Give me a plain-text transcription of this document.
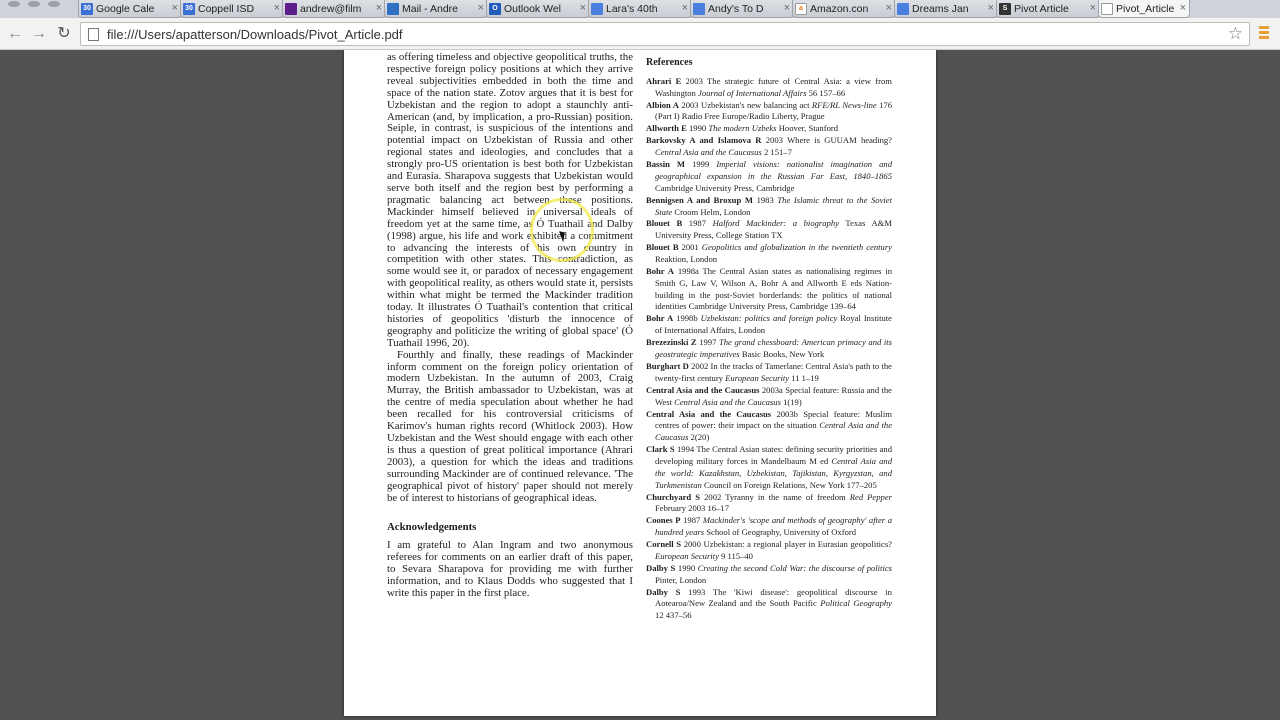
30 Google Cale × 30 Coppell ISD × andrew@film × Mail - Andre ×	O Outlook Wel × Lara's 40th × Andy's To D ×	a Amazon.con × Dreams Jan ×	S Pivot Article × Pivot_Article ×
← → ↻	file:///Users/apatterson/Downloads/Pivot_Article.pdf	☆

as offering timeless and objective geopolitical truths, the respective foreign policy positions at which they arrive reveal subjectivities embedded in both the time and space of the nation state. Zotov argues that it is best for Uzbekistan and the region to adopt a staunchly anti-American (and, by implication, a pro-Russian) position. Seiple, in contrast, is suspicious of the intentions and potential impact on Uzbekistan of Russia and other regional states and ideologies, and concludes that a strongly pro-US orientation is best both for Uzbekistan and Eurasia. Sharapova suggests that Uzbekistan would serve both itself and the region best by performing a pragmatic balancing act between these positions. Mackinder himself believed in universal ideals of freedom yet at the same time, as Ó Tuathail and Dalby (1998) argue, his life and work exhibited a commitment to advancing the interests of his own country in competition with other states. This contradiction, as some would see it, or paradox of necessary engagement with geopolitical reality, as others would state it, persists within what might be termed the Mackinder tradition today. It illustrates Ó Tuathail's contention that critical histories of geopolitics 'disturb the innocence of geography and politicize the writing of global space' (Ó Tuathail 1996, 20).

Fourthly and finally, these readings of Mackinder inform comment on the foreign policy orientation of modern Uzbekistan. In the autumn of 2003, Craig Murray, the British ambassador to Uzbekistan, was at the centre of media speculation about whether he had been recalled for his controversial criticisms of Karimov's human rights record (Whitlock 2003). How Uzbekistan and the West should engage with each other is thus a question of great political importance (Ahrari 2003), a question for which the ideas and traditions surrounding Mackinder are of continued relevance. 'The geographical pivot of history' paper should not merely be of interest to historians of geographical ideas.

Acknowledgements

I am grateful to Alan Ingram and two anonymous referees for comments on an earlier draft of this paper, to Sevara Sharapova for providing me with further information, and to Klaus Dodds who suggested that I write this paper in the first place.

References
Ahrari E 2003 The strategic future of Central Asia: a view from Washington Journal of International Affairs 56 157–66
Albion A 2003 Uzbekistan's new balancing act RFE/RL News-line 176 (Part I) Radio Free Europe/Radio Liberty, Prague
Allworth E 1990 The modern Uzbeks Hoover, Stanford
Barkovsky A and Islamova R 2003 Where is GUUAM heading? Central Asia and the Caucasus 2 151–7
Bassin M 1999 Imperial visions: nationalist imagination and geographical expansion in the Russian Far East, 1840–1865 Cambridge University Press, Cambridge
Bennigsen A and Broxup M 1983 The Islamic threat to the Soviet State Croom Helm, London
Blouet B 1987 Halford Mackinder: a biography Texas A&M University Press, College Station TX
Blouet B 2001 Geopolitics and globalization in the twentieth century Reaktion, London
Bohr A 1998a The Central Asian states as nationalising regimes in Smith G, Law V, Wilson A, Bohr A and Allworth E eds Nation-building in the post-Soviet borderlands: the politics of national identities Cambridge University Press, Cambridge 139–64
Bohr A 1998b Uzbekistan: politics and foreign policy Royal Institute of International Affairs, London
Brezezinski Z 1997 The grand chessboard: American primacy and its geostrategic imperatives Basic Books, New York
Burghart D 2002 In the tracks of Tamerlane: Central Asia's path to the twenty-first century European Security 11 1–19
Central Asia and the Caucasus 2003a Special feature: Russia and the West Central Asia and the Caucasus 1(19)
Central Asia and the Caucasus 2003b Special feature: Muslim centres of power: their impact on the situation Central Asia and the Caucasus 2(20)
Clark S 1994 The Central Asian states: defining security priorities and developing military forces in Mandelbaum M ed Central Asia and the world: Kazakhstan, Uzbekistan, Tajikistan, Kyrgyzstan, and Turkmenistan Council on Foreign Relations, New York 177–205
Churchyard S 2002 Tyranny in the name of freedom Red Pepper February 2003 16–17
Coones P 1987 Mackinder's 'scope and methods of geography' after a hundred years School of Geography, University of Oxford
Cornell S 2000 Uzbekistan: a regional player in Eurasian geopolitics? European Security 9 115–40
Dalby S 1990 Creating the second Cold War: the discourse of politics Pinter, London
Dalby S 1993 The 'Kiwi disease': geopolitical discourse in Aotearoa/New Zealand and the South Pacific Political Geography 12 437–56
